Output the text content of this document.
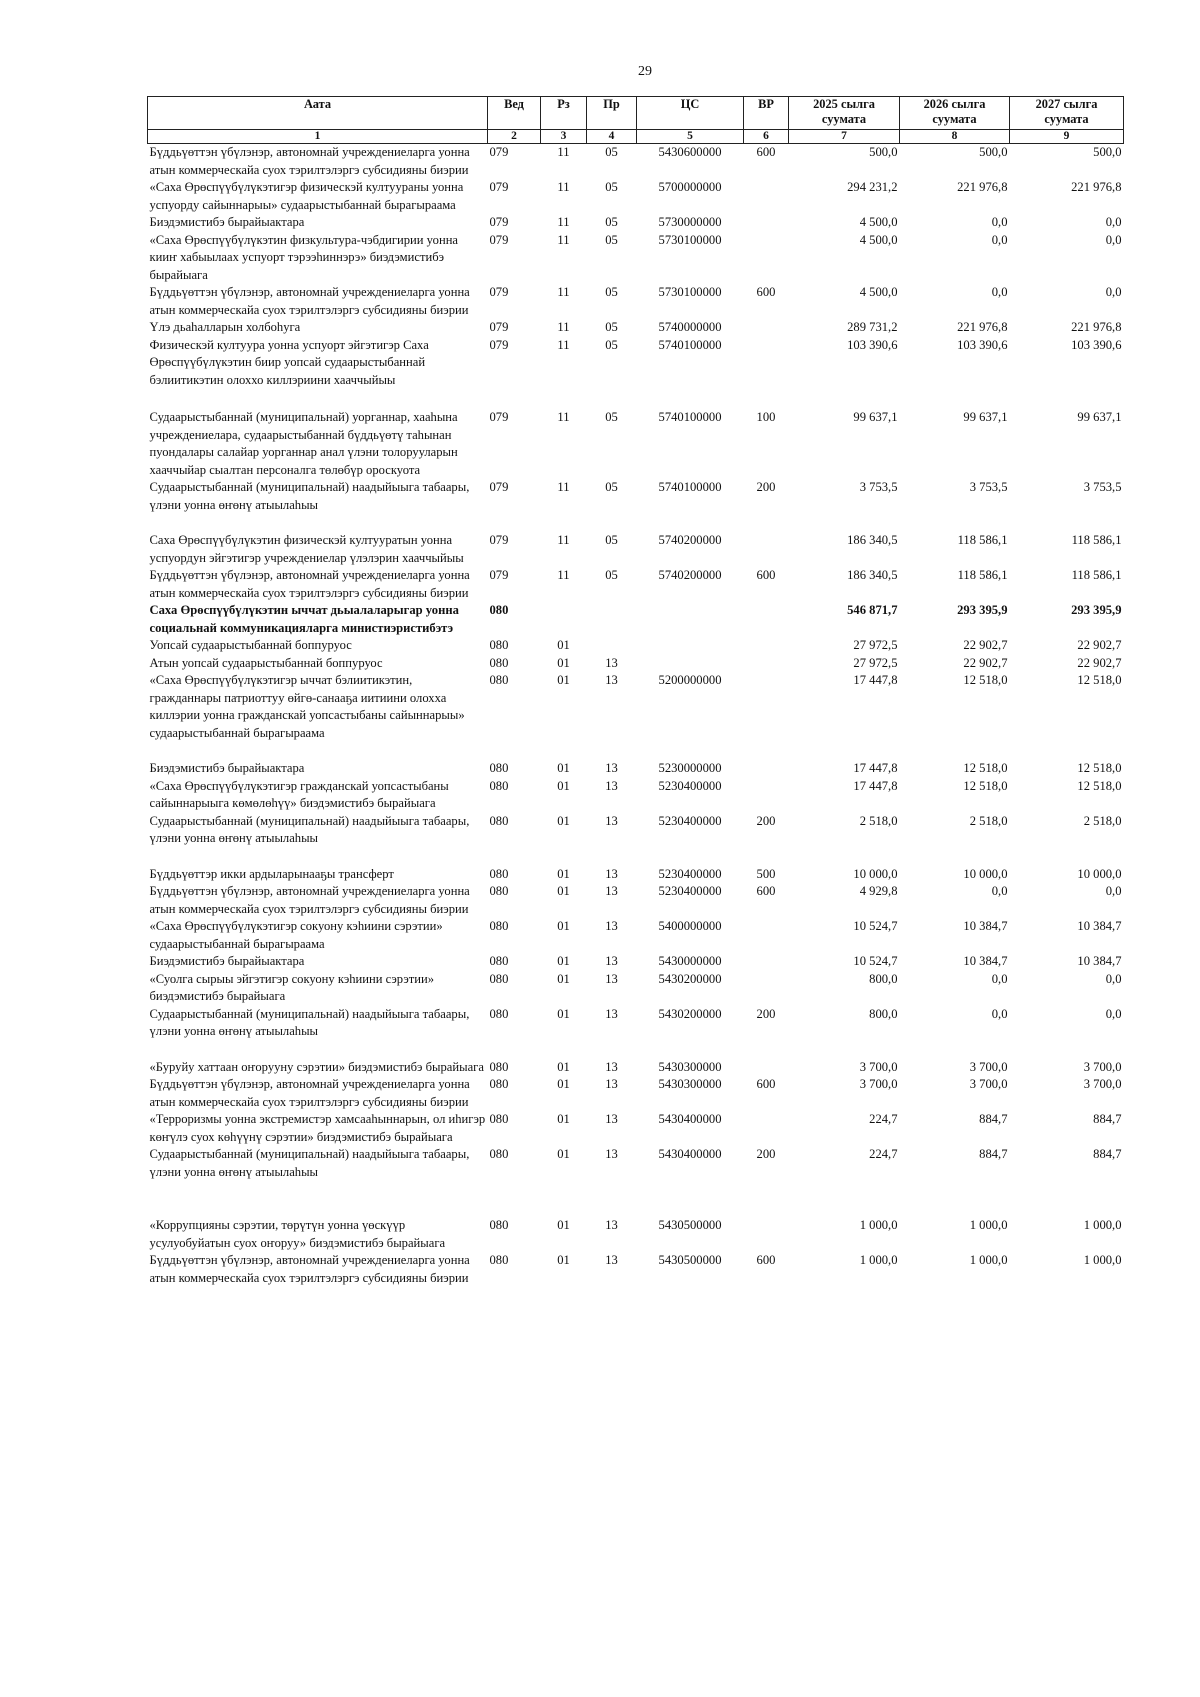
29
Аата	Вед	Рз	Пр	ЦС	ВР	2025 сылга суумата	2026 сылга суумата	2027 сылга суумата
1	2	3	4	5	6	7	8	9
Бүддьүөттэн үбүлэнэр, автономнай учреждениеларга уонна атын коммерческайа суох тэрилтэлэргэ субсидияны биэрии	079	11	05	5430600000	600	500,0	500,0	500,0
«Саха Өрөспүүбүлүкэтигэр физическэй култуураны уонна успуорду сайыннарыы» судаарыстыбаннай бырагыраама	079	11	05	5700000000		294 231,2	221 976,8	221 976,8
Биэдэмистибэ бырайыактара	079	11	05	5730000000		4 500,0	0,0	0,0
«Саха Өрөспүүбүлүкэтин физкультура-чэбдигирии уонна кииҥ хабыылаах успуорт тэрээһиннэрэ» биэдэмистибэ бырайыага	079	11	05	5730100000		4 500,0	0,0	0,0
Бүддьүөттэн үбүлэнэр, автономнай учреждениеларга уонна атын коммерческайа суох тэрилтэлэргэ субсидияны биэрии	079	11	05	5730100000	600	4 500,0	0,0	0,0
Үлэ дьаһалларын холбоһуга	079	11	05	5740000000		289 731,2	221 976,8	221 976,8
Физическэй култуура уонна успуорт эйгэтигэр Саха Өрөспүүбүлүкэтин биир уопсай судаарыстыбаннай бэлиитикэтин олоххо киллэриини хааччыйыы	079	11	05	5740100000		103 390,6	103 390,6	103 390,6
Судаарыстыбаннай (муниципальнай) уорганнар, хааһына учреждениелара, судаарыстыбаннай бүддьүөтү таһынан пуондалары салайар уорганнар анал үлэни толорууларын хааччыйар сыалтан персоналга төлөбүр ороскуота	079	11	05	5740100000	100	99 637,1	99 637,1	99 637,1
Судаарыстыбаннай (муниципальнай) наадыйыыга табаары, үлэни уонна өҥөнү атыылаһыы	079	11	05	5740100000	200	3 753,5	3 753,5	3 753,5
Саха Өрөспүүбүлүкэтин физическэй култууратын уонна успуордун эйгэтигэр учреждениелар үлэлэрин хааччыйыы	079	11	05	5740200000		186 340,5	118 586,1	118 586,1
Бүддьүөттэн үбүлэнэр, автономнай учреждениеларга уонна атын коммерческайа суох тэрилтэлэргэ субсидияны биэрии	079	11	05	5740200000	600	186 340,5	118 586,1	118 586,1
Саха Өрөспүүбүлүкэтин ыччат дьыалаларыгар уонна социальнай коммуникацияларга министиэристибэтэ	080					546 871,7	293 395,9	293 395,9
Уопсай судаарыстыбаннай боппуруос	080	01				27 972,5	22 902,7	22 902,7
Атын уопсай судаарыстыбаннай боппуруос	080	01	13			27 972,5	22 902,7	22 902,7
«Саха Өрөспүүбүлүкэтигэр ыччат бэлиитикэтин, гражданнары патриоттуу өйгө-санааҕа иитиини олохха киллэрии уонна гражданскай уопсастыбаны сайыннарыы» судаарыстыбаннай бырагыраама	080	01	13	5200000000		17 447,8	12 518,0	12 518,0
Биэдэмистибэ бырайыактара	080	01	13	5230000000		17 447,8	12 518,0	12 518,0
«Саха Өрөспүүбүлүкэтигэр гражданскай уопсастыбаны сайыннарыыга көмөлөһүү» биэдэмистибэ бырайыага	080	01	13	5230400000		17 447,8	12 518,0	12 518,0
Судаарыстыбаннай (муниципальнай) наадыйыыга табаары, үлэни уонна өҥөнү атыылаһыы	080	01	13	5230400000	200	2 518,0	2 518,0	2 518,0
Бүддьүөттэр икки ардыларынааҕы трансферт	080	01	13	5230400000	500	10 000,0	10 000,0	10 000,0
Бүддьүөттэн үбүлэнэр, автономнай учреждениеларга уонна атын коммерческайа суох тэрилтэлэргэ субсидияны биэрии	080	01	13	5230400000	600	4 929,8	0,0	0,0
«Саха Өрөспүүбүлүкэтигэр сокуону кэһиини сэрэтии» судаарыстыбаннай бырагыраама	080	01	13	5400000000		10 524,7	10 384,7	10 384,7
Биэдэмистибэ бырайыактара	080	01	13	5430000000		10 524,7	10 384,7	10 384,7
«Суолга сырыы эйгэтигэр сокуону кэһиини сэрэтии» биэдэмистибэ бырайыага	080	01	13	5430200000		800,0	0,0	0,0
Судаарыстыбаннай (муниципальнай) наадыйыыга табаары, үлэни уонна өҥөнү атыылаһыы	080	01	13	5430200000	200	800,0	0,0	0,0
«Буруйу хаттаан оҥорууну сэрэтии» биэдэмистибэ бырайыага	080	01	13	5430300000		3 700,0	3 700,0	3 700,0
Бүддьүөттэн үбүлэнэр, автономнай учреждениеларга уонна атын коммерческайа суох тэрилтэлэргэ субсидияны биэрии	080	01	13	5430300000	600	3 700,0	3 700,0	3 700,0
«Терроризмы уонна экстремистэр хамсааһыннарын, ол иһигэр көҥүлэ суох көһүүнү сэрэтии» биэдэмистибэ бырайыага	080	01	13	5430400000		224,7	884,7	884,7
Судаарыстыбаннай (муниципальнай) наадыйыыга табаары, үлэни уонна өҥөнү атыылаһыы	080	01	13	5430400000	200	224,7	884,7	884,7
«Коррупцияны сэрэтии, төрүтүн уонна үөскүүр усулуобуйатын суох оҥоруу» биэдэмистибэ бырайыага	080	01	13	5430500000		1 000,0	1 000,0	1 000,0
Бүддьүөттэн үбүлэнэр, автономнай учреждениеларга уонна атын коммерческайа суох тэрилтэлэргэ субсидияны биэрии	080	01	13	5430500000	600	1 000,0	1 000,0	1 000,0
